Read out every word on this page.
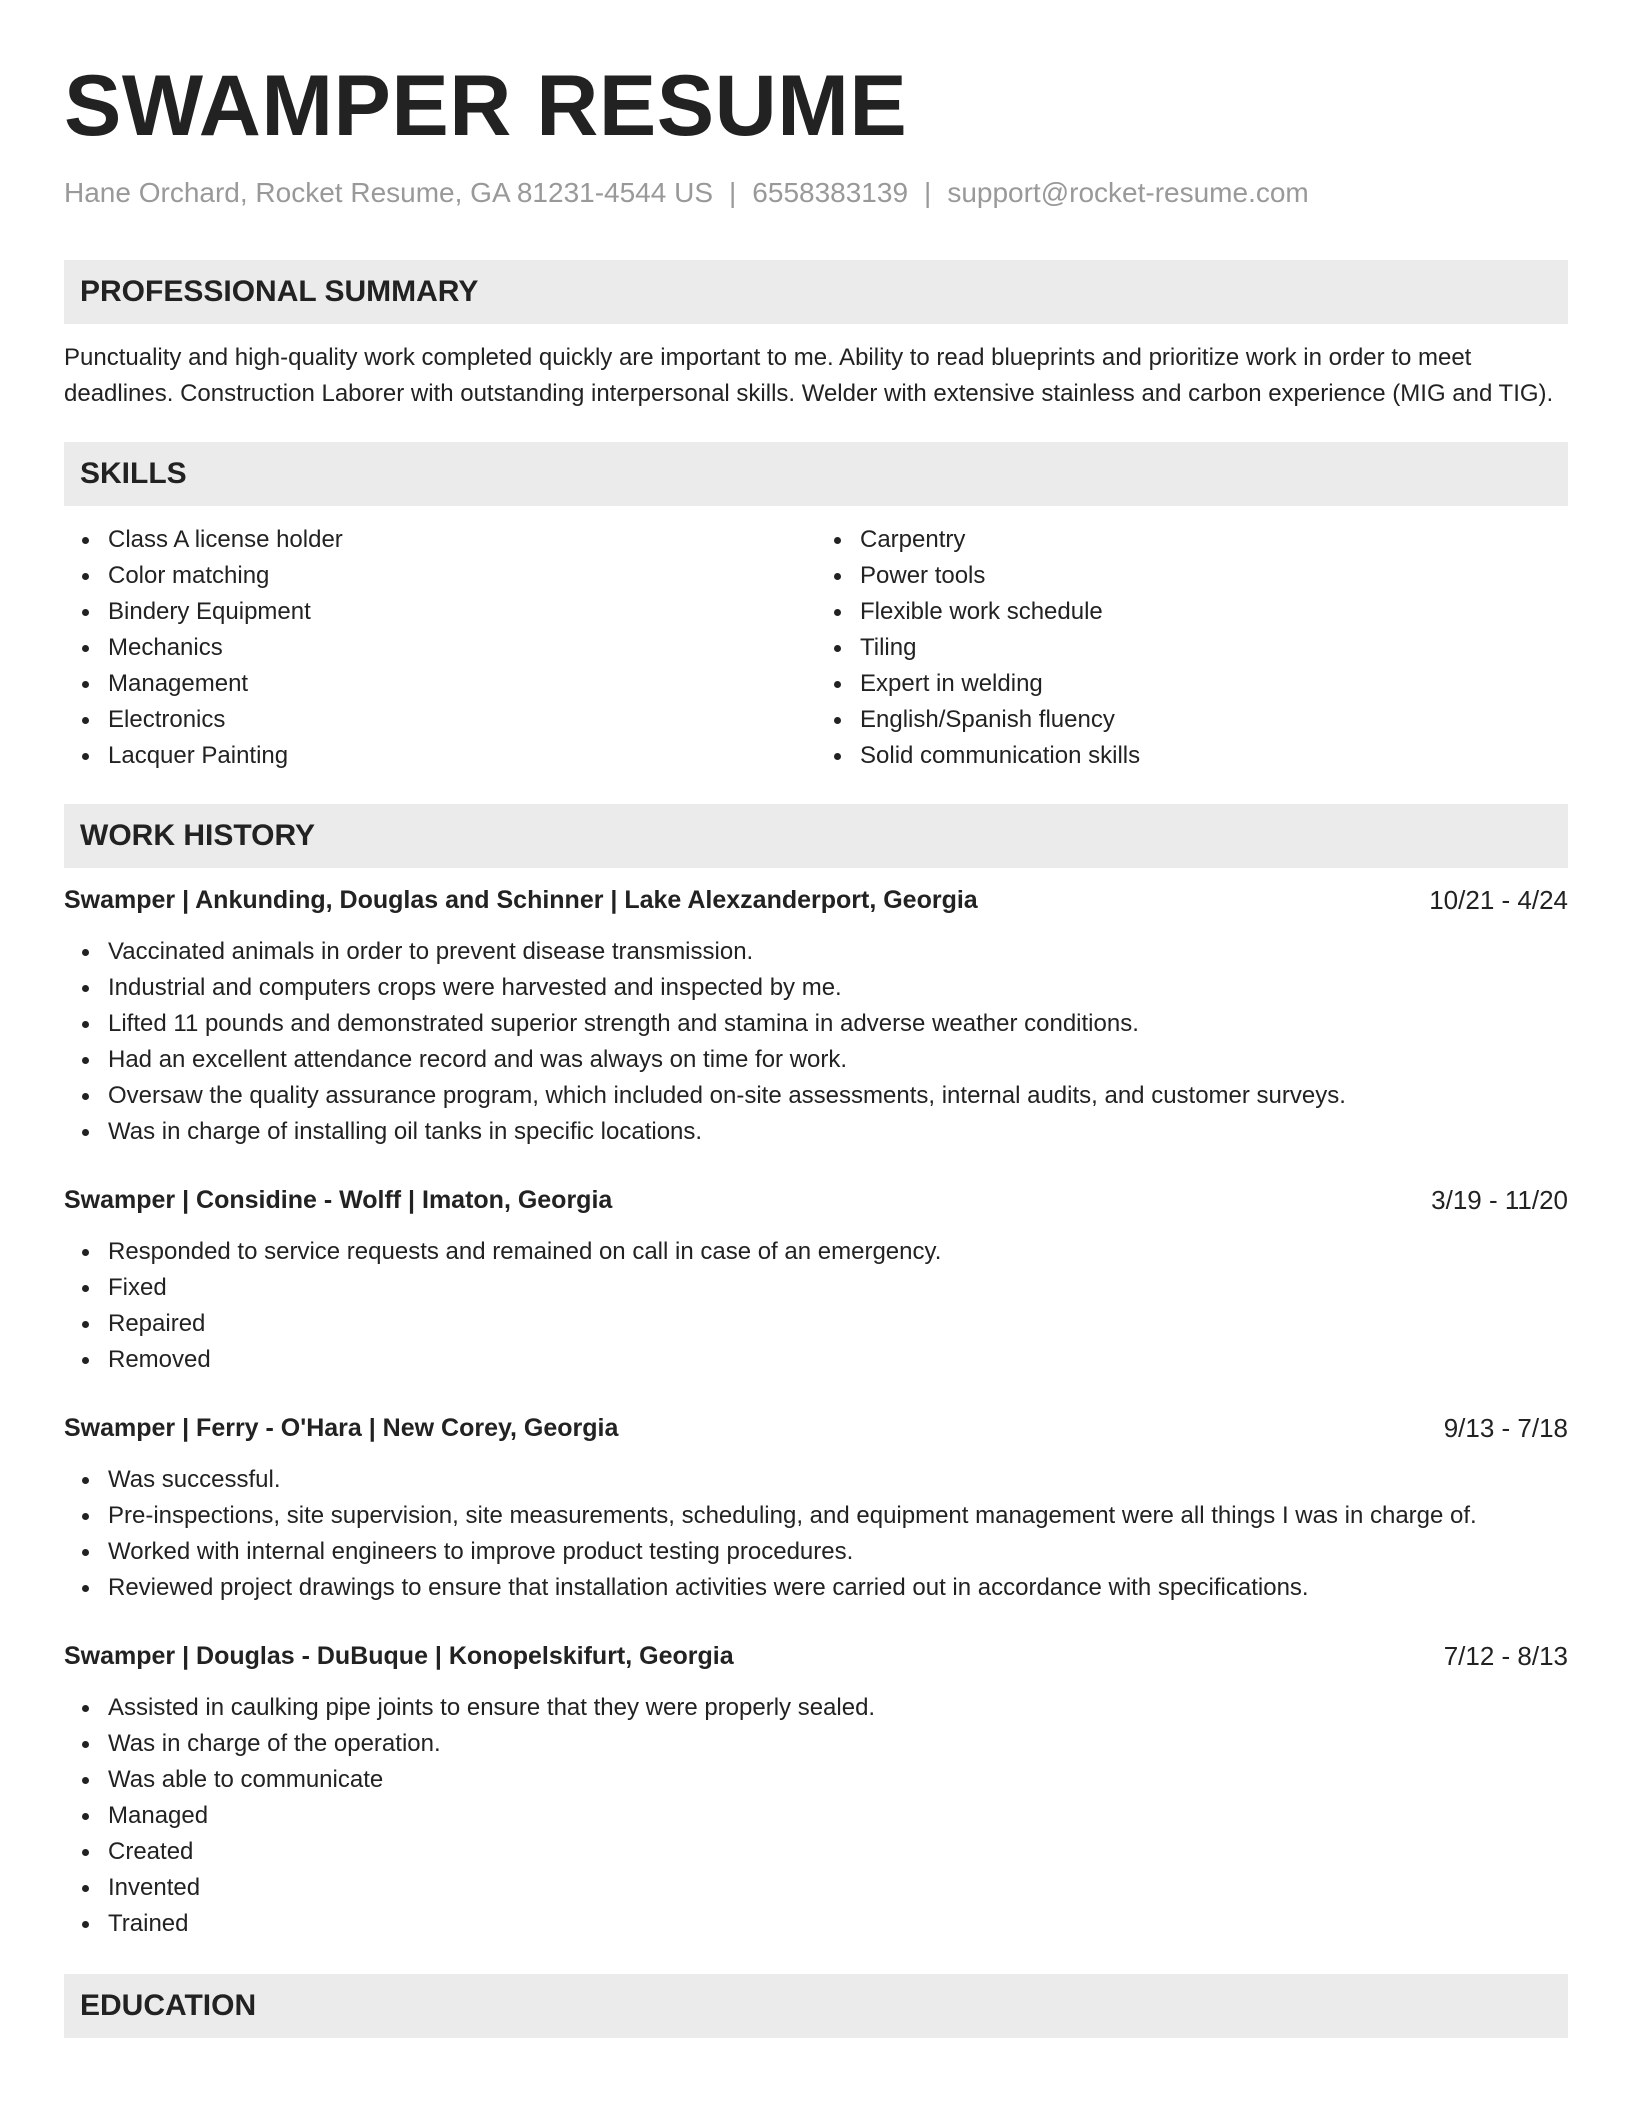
SWAMPER RESUME
Hane Orchard, Rocket Resume, GA 81231-4544 US | 6558383139 | support@rocket-resume.com
PROFESSIONAL SUMMARY
Punctuality and high-quality work completed quickly are important to me. Ability to read blueprints and prioritize work in order to meet deadlines. Construction Laborer with outstanding interpersonal skills. Welder with extensive stainless and carbon experience (MIG and TIG).
SKILLS
Class A license holder
Color matching
Bindery Equipment
Mechanics
Management
Electronics
Lacquer Painting
Carpentry
Power tools
Flexible work schedule
Tiling
Expert in welding
English/Spanish fluency
Solid communication skills
WORK HISTORY
Swamper | Ankunding, Douglas and Schinner | Lake Alexzanderport, Georgia	10/21 - 4/24
Vaccinated animals in order to prevent disease transmission.
Industrial and computers crops were harvested and inspected by me.
Lifted 11 pounds and demonstrated superior strength and stamina in adverse weather conditions.
Had an excellent attendance record and was always on time for work.
Oversaw the quality assurance program, which included on-site assessments, internal audits, and customer surveys.
Was in charge of installing oil tanks in specific locations.
Swamper | Considine - Wolff | Imaton, Georgia	3/19 - 11/20
Responded to service requests and remained on call in case of an emergency.
Fixed
Repaired
Removed
Swamper | Ferry - O'Hara | New Corey, Georgia	9/13 - 7/18
Was successful.
Pre-inspections, site supervision, site measurements, scheduling, and equipment management were all things I was in charge of.
Worked with internal engineers to improve product testing procedures.
Reviewed project drawings to ensure that installation activities were carried out in accordance with specifications.
Swamper | Douglas - DuBuque | Konopelskifurt, Georgia	7/12 - 8/13
Assisted in caulking pipe joints to ensure that they were properly sealed.
Was in charge of the operation.
Was able to communicate
Managed
Created
Invented
Trained
EDUCATION
